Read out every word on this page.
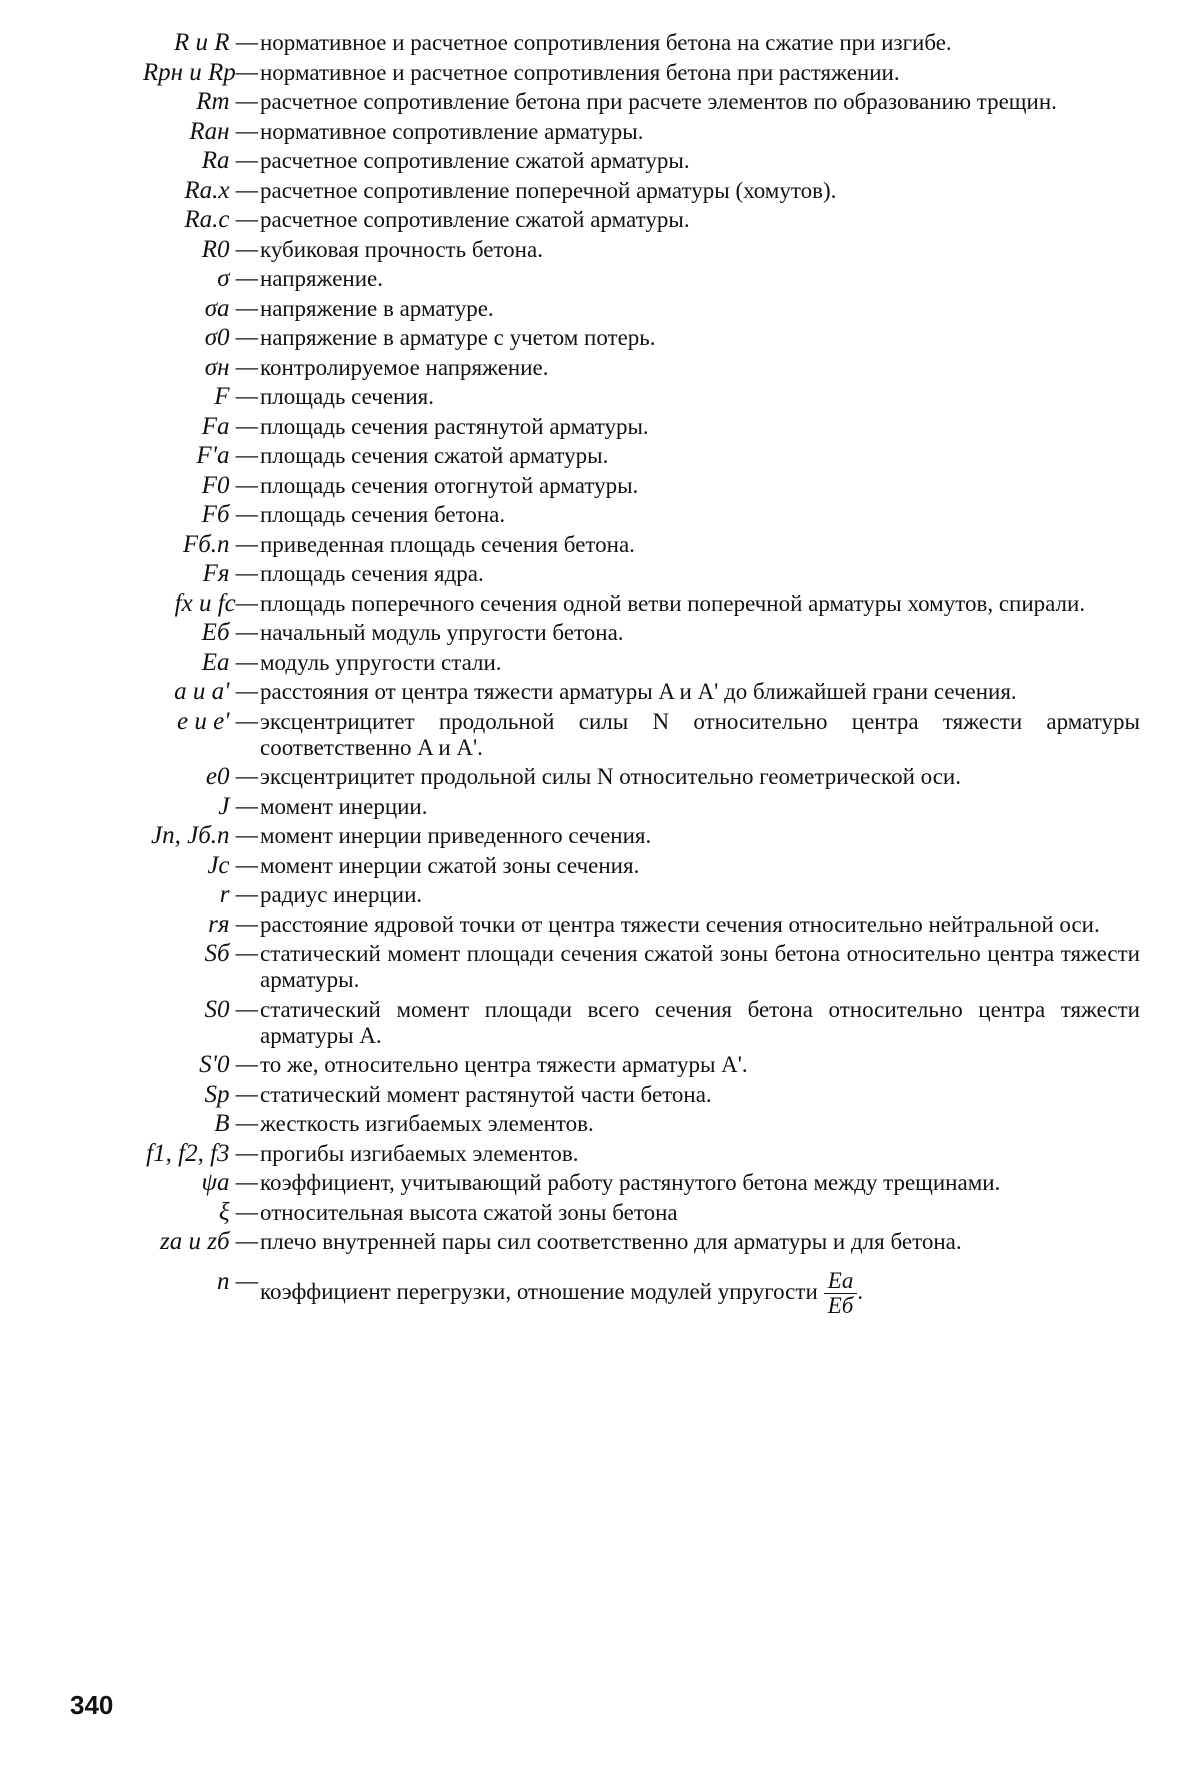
R и R — нормативное и расчетное сопротивления бетона на сжатие при изгибе.
Rрн и Rр— нормативное и расчетное сопротивления бетона при растяжении.
Rт — расчетное сопротивление бетона при расчете элементов по образованию трещин.
Rан — нормативное сопротивление арматуры.
Rа — расчетное сопротивление сжатой арматуры.
Rа.х — расчетное сопротивление поперечной арматуры (хомутов).
Rа.с — расчетное сопротивление сжатой арматуры.
R0 — кубиковая прочность бетона.
σ — напряжение.
σа — напряжение в арматуре.
σ0 — напряжение в арматуре с учетом потерь.
σн — контролируемое напряжение.
F — площадь сечения.
Fа — площадь сечения растянутой арматуры.
F'а — площадь сечения сжатой арматуры.
F0 — площадь сечения отогнутой арматуры.
Fб — площадь сечения бетона.
Fб.п — приведенная площадь сечения бетона.
Fя — площадь сечения ядра.
fх и fс— площадь поперечного сечения одной ветви поперечной арматуры хомутов, спирали.
Eб — начальный модуль упругости бетона.
Eа — модуль упругости стали.
a и a' — расстояния от центра тяжести арматуры A и A' до ближайшей грани сечения.
e и e' — эксцентрицитет продольной силы N относительно центра тяжести арматуры соответственно A и A'.
e0 — эксцентрицитет продольной силы N относительно геометрической оси.
J — момент инерции.
Jп, Jб.п — момент инерции приведенного сечения.
Jс — момент инерции сжатой зоны сечения.
r — радиус инерции.
rя — расстояние ядровой точки от центра тяжести сечения относительно нейтральной оси.
Sб — статический момент площади сечения сжатой зоны бетона относительно центра тяжести арматуры.
S0 — статический момент площади всего сечения бетона относительно центра тяжести арматуры A.
S'0 — то же, относительно центра тяжести арматуры A'.
Sр — статический момент растянутой части бетона.
B — жесткость изгибаемых элементов.
f1, f2, f3 — прогибы изгибаемых элементов.
ψа — коэффициент, учитывающий работу растянутого бетона между трещинами.
ξ — относительная высота сжатой зоны бетона
zа и zб — плечо внутренней пары сил соответственно для арматуры и для бетона.
n — коэффициент перегрузки, отношение модулей упругости $\frac{Eа}{Eб}$ .
340
